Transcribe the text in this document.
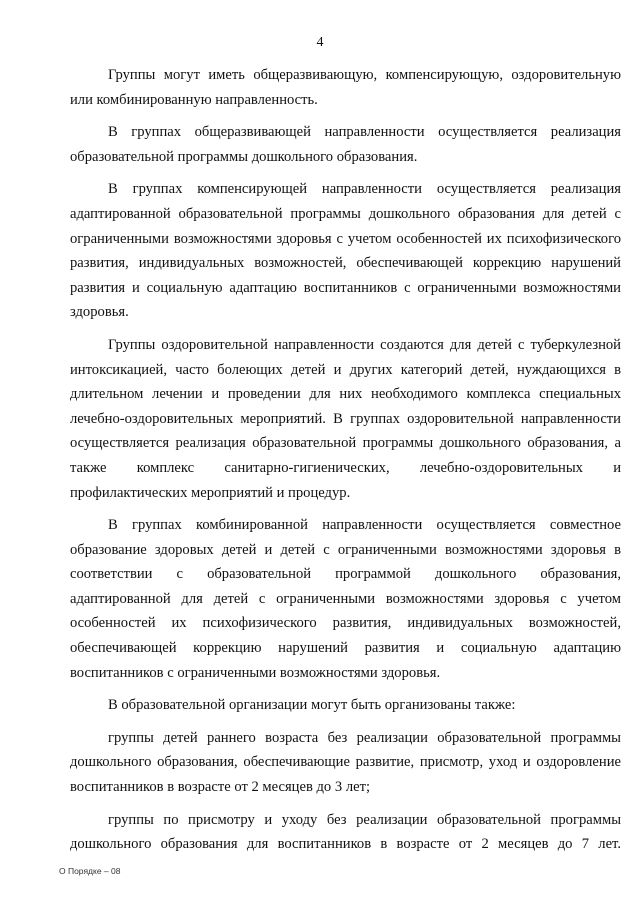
4

Группы могут иметь общеразвивающую, компенсирующую, оздоровительную или комбинированную направленность.

В группах общеразвивающей направленности осуществляется реализация образовательной программы дошкольного образования.

В группах компенсирующей направленности осуществляется реализация адаптированной образовательной программы дошкольного образования для детей с ограниченными возможностями здоровья с учетом особенностей их психофизического развития, индивидуальных возможностей, обеспечивающей коррекцию нарушений развития и социальную адаптацию воспитанников с ограниченными возможностями здоровья.

Группы оздоровительной направленности создаются для детей с туберкулезной интоксикацией, часто болеющих детей и других категорий детей, нуждающихся в длительном лечении и проведении для них необходимого комплекса специальных лечебно-оздоровительных мероприятий. В группах оздоровительной направленности осуществляется реализация образовательной программы дошкольного образования, а также комплекс санитарно-гигиенических, лечебно-оздоровительных и профилактических мероприятий и процедур.

В группах комбинированной направленности осуществляется совместное образование здоровых детей и детей с ограниченными возможностями здоровья в соответствии с образовательной программой дошкольного образования, адаптированной для детей с ограниченными возможностями здоровья с учетом особенностей их психофизического развития, индивидуальных возможностей, обеспечивающей коррекцию нарушений развития и социальную адаптацию воспитанников с ограниченными возможностями здоровья.

В образовательной организации могут быть организованы также:

группы детей раннего возраста без реализации образовательной программы дошкольного образования, обеспечивающие развитие, присмотр, уход и оздоровление воспитанников в возрасте от 2 месяцев до 3 лет;

группы по присмотру и уходу без реализации образовательной программы дошкольного образования для воспитанников в возрасте от 2 месяцев до 7 лет.

О Порядке – 08
